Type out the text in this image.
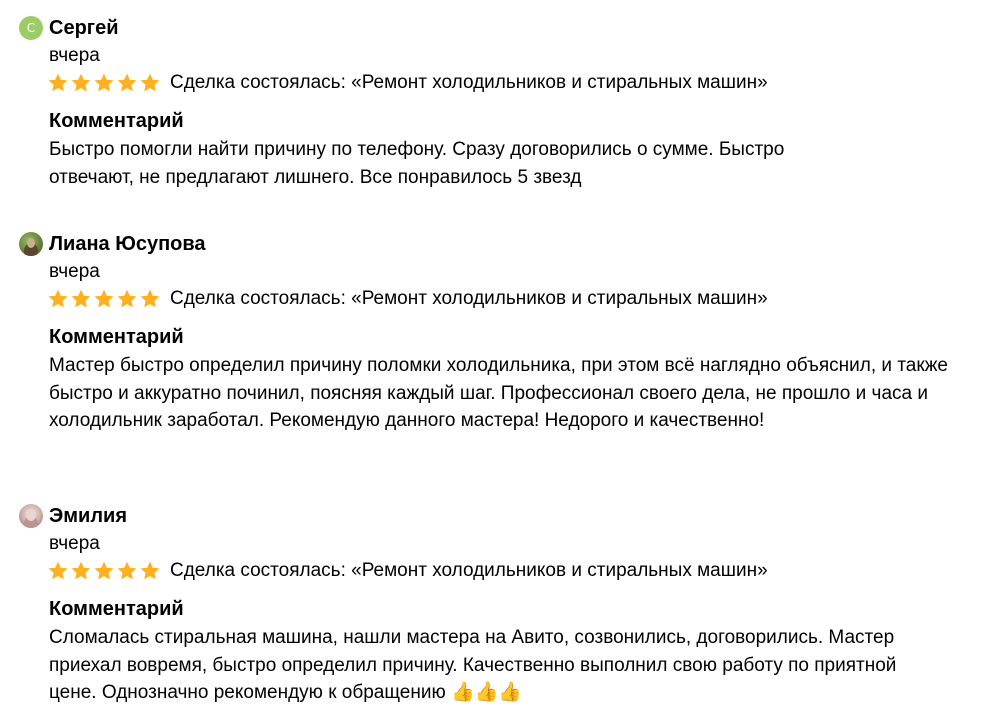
С Сергей
вчера
Сделка состоялась: «Ремонт холодильников и стиральных машин»
Комментарий
Быстро помогли найти причину по телефону. Сразу договорились о сумме. Быстро отвечают, не предлагают лишнего. Все понравилось 5 звезд
Лиана Юсупова
вчера
Сделка состоялась: «Ремонт холодильников и стиральных машин»
Комментарий
Мастер быстро определил причину поломки холодильника, при этом всё наглядно объяснил, и также быстро и аккуратно починил, поясняя каждый шаг. Профессионал своего дела, не прошло и часа и холодильник заработал. Рекомендую данного мастера! Недорого и качественно!
Эмилия
вчера
Сделка состоялась: «Ремонт холодильников и стиральных машин»
Комментарий
Сломалась стиральная машина, нашли мастера на Авито, созвонились, договорились. Мастер приехал вовремя, быстро определил причину. Качественно выполнил свою работу по приятной цене. Однозначно рекомендую к обращению 👍👍👍
